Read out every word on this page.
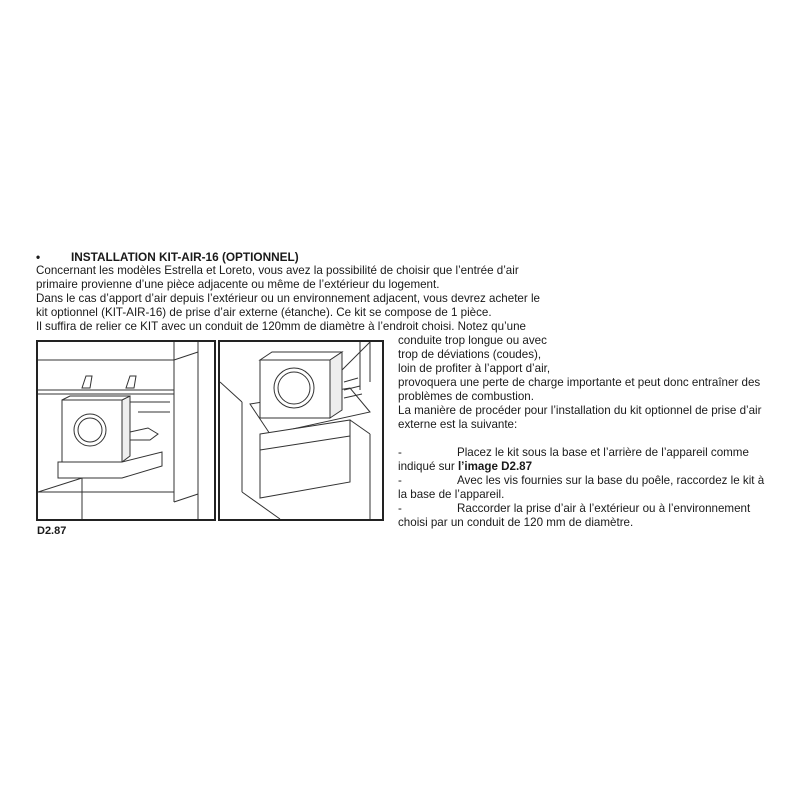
•	INSTALLATION KIT-AIR-16 (OPTIONNEL)
Concernant les modèles Estrella et Loreto, vous avez la possibilité de choisir que l’entrée d’air
primaire provienne d’une pièce adjacente ou même de l’extérieur du logement.
Dans le cas d’apport d’air depuis l’extérieur ou un environnement adjacent, vous devrez acheter le
kit optionnel (KIT-AIR-16) de prise d’air externe (étanche). Ce kit se compose de 1 pièce.
Il suffira de relier ce KIT avec un conduit de 120mm de diamètre à l’endroit choisi. Notez qu’une
conduite trop longue ou avec
trop de déviations (coudes),
loin de profiter à l’apport d’air,
provoquera une perte de charge importante et peut donc entraîner des
problèmes de combustion.
La manière de procéder pour l’installation du kit optionnel de prise d’air
externe est la suivante:
-	Placez le kit sous la base et l’arrière de l’appareil comme
indiqué sur l’image D2.87
-	Avec les vis fournies sur la base du poêle, raccordez le kit à
la base de l’appareil.
-	Raccorder la prise d’air à l’extérieur ou à l’environnement
choisi par un conduit de 120 mm de diamètre.
D2.87
